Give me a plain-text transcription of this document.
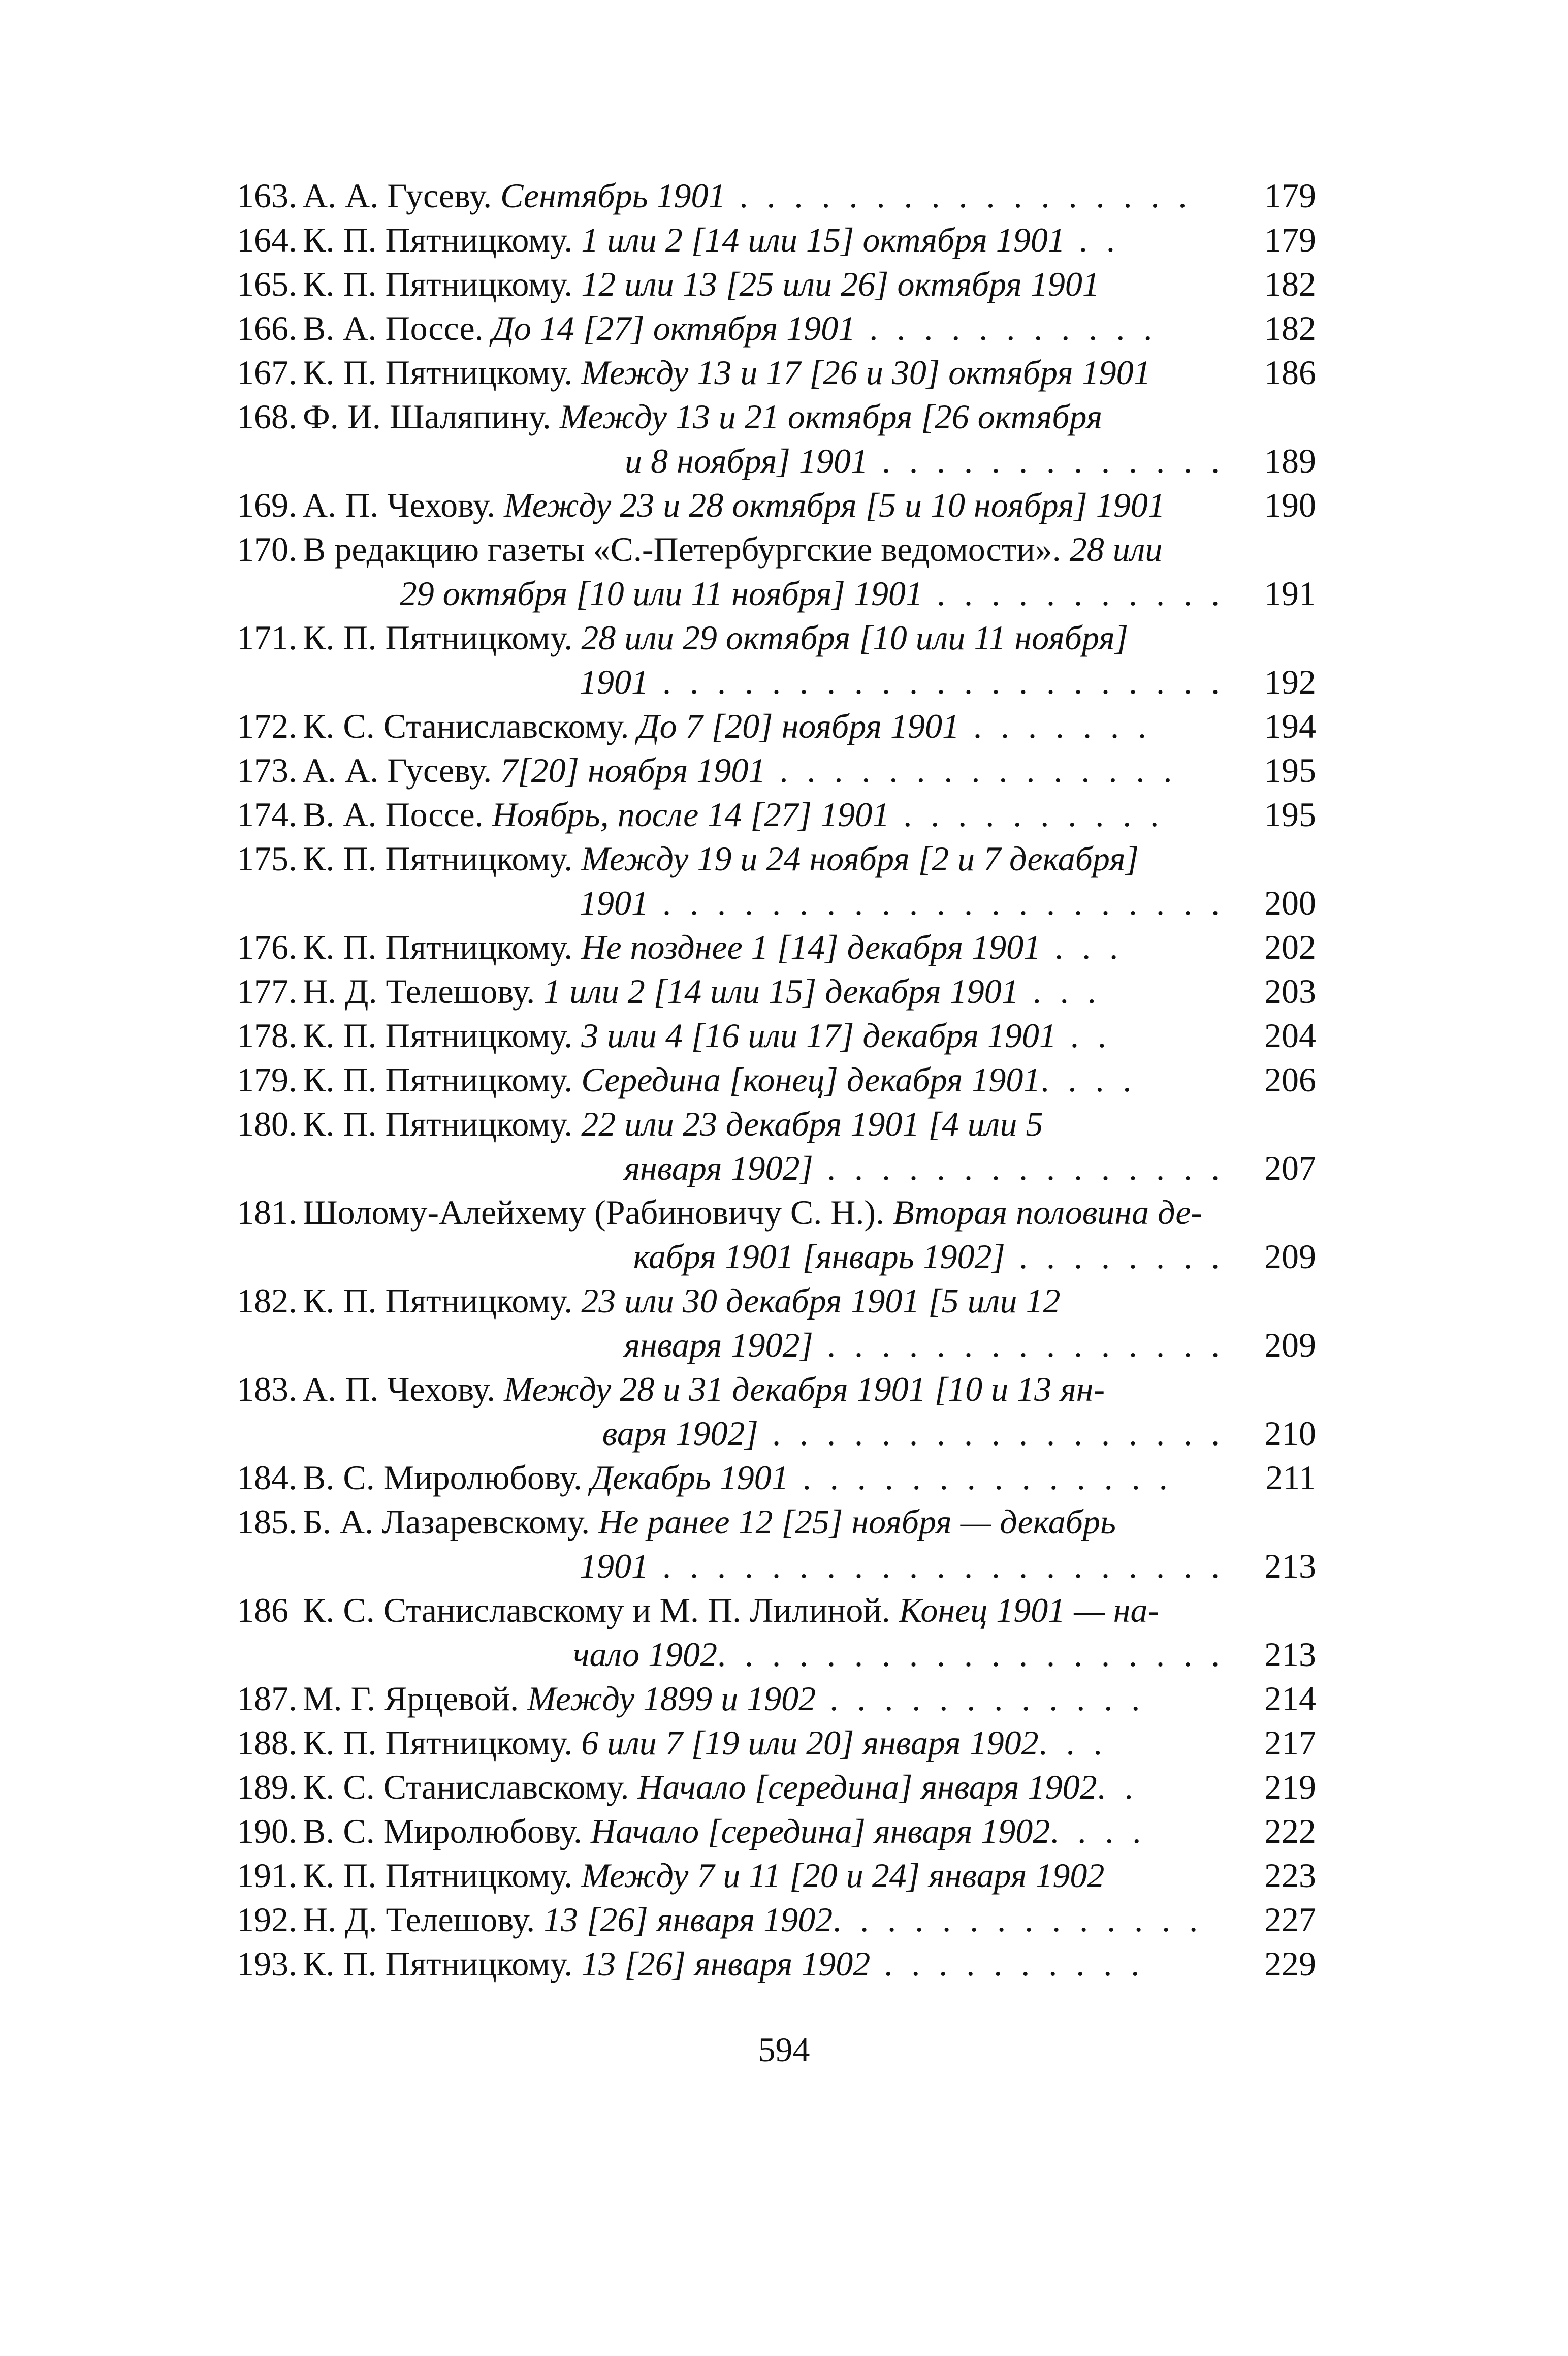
163. А. А. Гусеву. Сентябрь 1901 . . . . . . . . . . . . . . . . .	179
164. К. П. Пятницкому. 1 или 2 [14 или 15] октября 1901 . .	179
165. К. П. Пятницкому. 12 или 13 [25 или 26] октября 1901	182
166. В. А. Поссе. До 14 [27] октября 1901 . . . . . . . . . . .	182
167. К. П. Пятницкому. Между 13 и 17 [26 и 30] октября 1901	186
168. Ф. И. Шаляпину. Между 13 и 21 октября [26 октября
и 8 ноября] 1901 . . . . . . . . . . . . .	189
169. А. П. Чехову. Между 23 и 28 октября [5 и 10 ноября] 1901	190
170. В редакцию газеты «С.-Петербургские ведомости». 28 или
29 октября [10 или 11 ноября] 1901 . . . . . . . . . . .	191
171. К. П. Пятницкому. 28 или 29 октября [10 или 11 ноября]
1901 . . . . . . . . . . . . . . . . . . . . .	192
172. К. С. Станиславскому. До 7 [20] ноября 1901 . . . . . . .	194
173. А. А. Гусеву. 7[20] ноября 1901 . . . . . . . . . . . . . . .	195
174. В. А. Поссе. Ноябрь, после 14 [27] 1901 . . . . . . . . . .	195
175. К. П. Пятницкому. Между 19 и 24 ноября [2 и 7 декабря]
1901 . . . . . . . . . . . . . . . . . . . . .	200
176. К. П. Пятницкому. Не позднее 1 [14] декабря 1901 . . .	202
177. Н. Д. Телешову. 1 или 2 [14 или 15] декабря 1901 . . .	203
178. К. П. Пятницкому. 3 или 4 [16 или 17] декабря 1901 . .	204
179. К. П. Пятницкому. Середина [конец] декабря 1901. . . .	206
180. К. П. Пятницкому. 22 или 23 декабря 1901 [4 или 5
января 1902] . . . . . . . . . . . . . . .	207
181. Шолому-Алейхему (Рабиновичу С. Н.). Вторая половина де-
кабря 1901 [январь 1902] . . . . . . . .	209
182. К. П. Пятницкому. 23 или 30 декабря 1901 [5 или 12
января 1902] . . . . . . . . . . . . . . .	209
183. А. П. Чехову. Между 28 и 31 декабря 1901 [10 и 13 ян-
варя 1902] . . . . . . . . . . . . . . . . .	210
184. В. С. Миролюбову. Декабрь 1901 . . . . . . . . . . . . . .	211
185. Б. А. Лазаревскому. Не ранее 12 [25] ноября — декабрь
1901 . . . . . . . . . . . . . . . . . . . . .	213
186 К. С. Станиславскому и М. П. Лилиной. Конец 1901 — на-
чало 1902. . . . . . . . . . . . . . . . . . .	213
187. М. Г. Ярцевой. Между 1899 и 1902 . . . . . . . . . . . .	214
188. К. П. Пятницкому. 6 или 7 [19 или 20] января 1902. . .	217
189. К. С. Станиславскому. Начало [середина] января 1902. .	219
190. В. С. Миролюбову. Начало [середина] января 1902. . . .	222
191. К. П. Пятницкому. Между 7 и 11 [20 и 24] января 1902	223
192. Н. Д. Телешову. 13 [26] января 1902. . . . . . . . . . . . . .	227
193. К. П. Пятницкому. 13 [26] января 1902 . . . . . . . . . .	229
594
